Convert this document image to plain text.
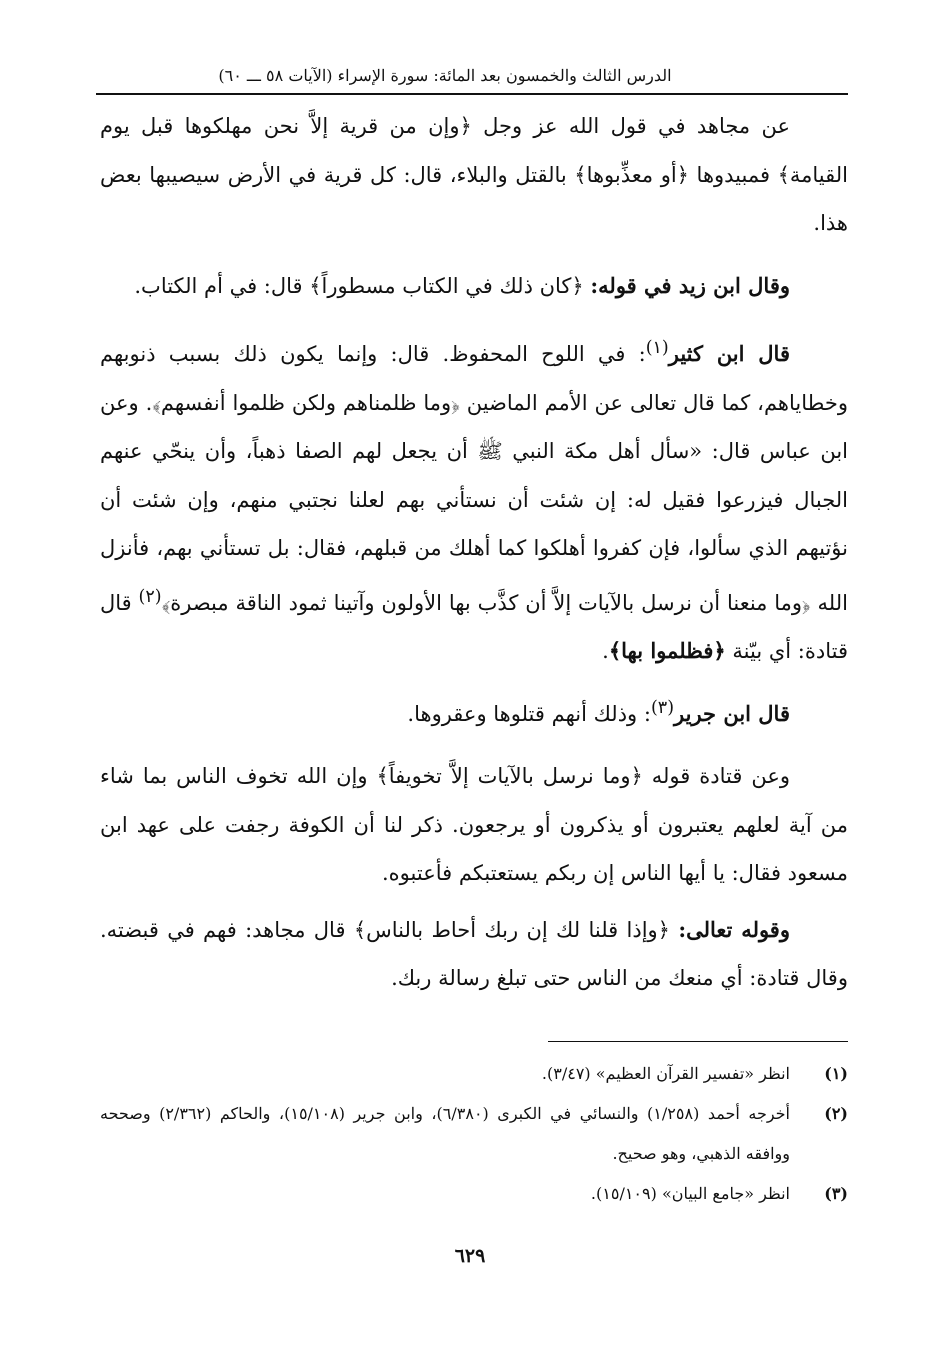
الدرس الثالث والخمسون بعد المائة: سورة الإسراء (الآيات ٥٨ ـــ ٦٠)

عن مجاهد في قول الله عز وجل ﴿وإن من قرية إلاَّ نحن مهلكوها قبل يوم القيامة﴾ فمبيدوها ﴿أو معذِّبوها﴾ بالقتل والبلاء، قال: كل قرية في الأرض سيصيبها بعض هذا.

وقال ابن زيد في قوله: ﴿كان ذلك في الكتاب مسطوراً﴾ قال: في أم الكتاب.

قال ابن كثير$^{(١)}$: في اللوح المحفوظ. قال: وإنما يكون ذلك بسبب ذنوبهم وخطاياهم، كما قال تعالى عن الأمم الماضين ﴿وما ظلمناهم ولكن ظلموا أنفسهم﴾. وعن ابن عباس قال: «سأل أهل مكة النبي ﷺ أن يجعل لهم الصفا ذهباً، وأن ينحّي عنهم الجبال فيزرعوا فقيل له: إن شئت أن نستأني بهم لعلنا نجتبي منهم، وإن شئت أن نؤتيهم الذي سألوا، فإن كفروا أهلكوا كما أهلك من قبلهم، فقال: بل تستأني بهم، فأنزل الله ﴿وما منعنا أن نرسل بالآيات إلاَّ أن كذَّب بها الأولون وآتينا ثمود الناقة مبصرة﴾$^{(٢)}$ قال قتادة: أي بيّنة ﴿فظلموا بها﴾.

قال ابن جرير$^{(٣)}$: وذلك أنهم قتلوها وعقروها.

وعن قتادة قوله ﴿وما نرسل بالآيات إلاَّ تخويفاً﴾ وإن الله تخوف الناس بما شاء من آية لعلهم يعتبرون أو يذكرون أو يرجعون. ذكر لنا أن الكوفة رجفت على عهد ابن مسعود فقال: يا أيها الناس إن ربكم يستعتبكم فأعتبوه.

وقوله تعالى: ﴿وإذا قلنا لك إن ربك أحاط بالناس﴾ قال مجاهد: فهم في قبضته. وقال قتادة: أي منعك من الناس حتى تبلغ رسالة ربك.

(١)
انظر «تفسير القرآن العظيم» (٣/٤٧).

(٢)
أخرجه أحمد (١/٢٥٨) والنسائي في الكبرى (٦/٣٨٠)، وابن جرير (١٥/١٠٨)، والحاكم (٢/٣٦٢) وصححه ووافقه الذهبي، وهو صحيح.

(٣)
انظر «جامع البيان» (١٥/١٠٩).

٦٢٩
